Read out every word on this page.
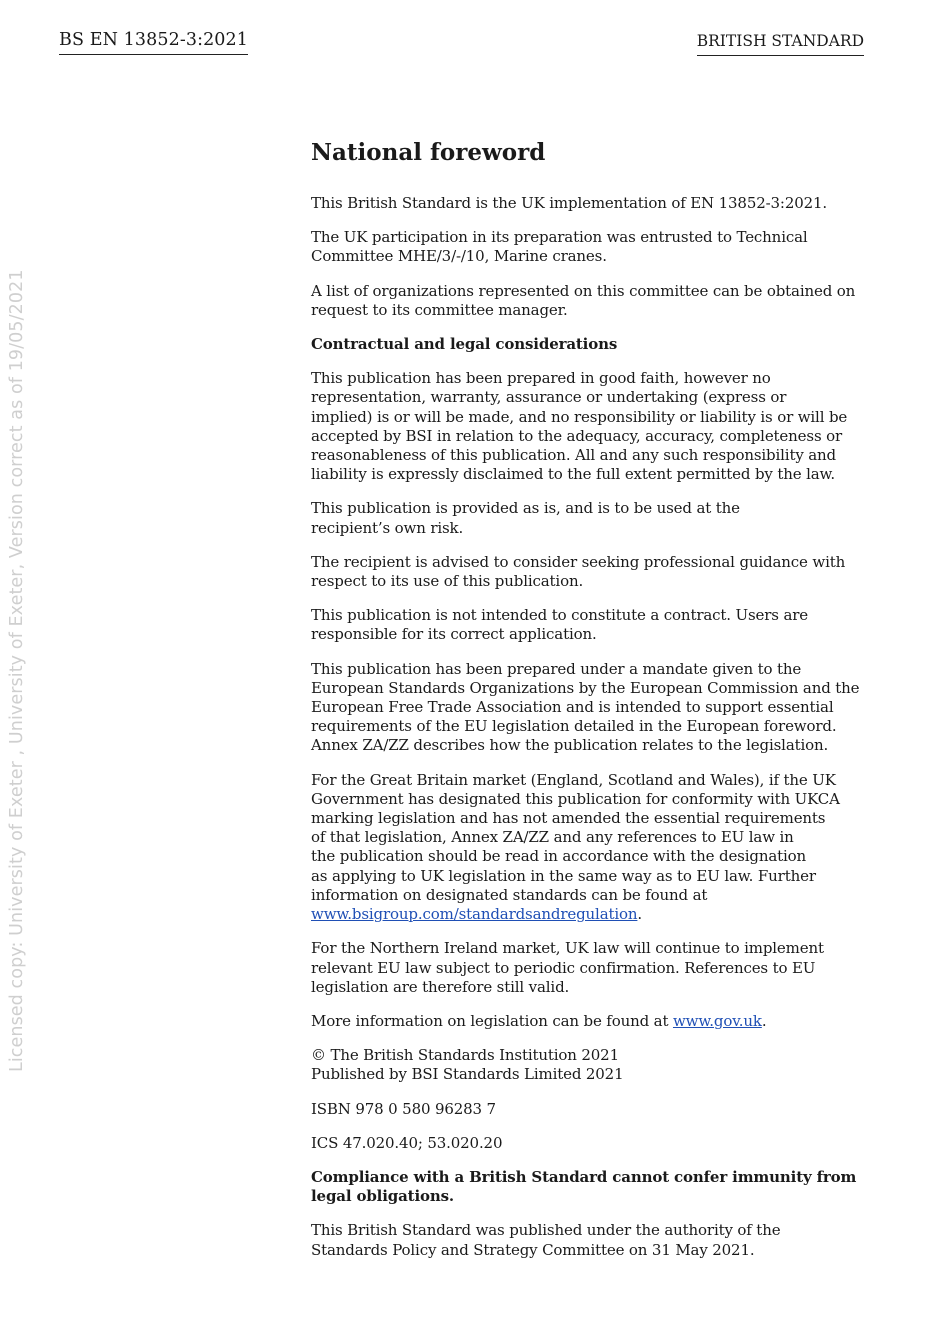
BS EN 13852-3:2021	BRITISH STANDARD
Licensed copy: University of Exeter , University of Exeter, Version correct as of 19/05/2021
National foreword
This British Standard is the UK implementation of EN 13852-3:2021.
The UK participation in its preparation was entrusted to Technical
Committee MHE/3/-/10, Marine cranes.
A list of organizations represented on this committee can be obtained on
request to its committee manager.
Contractual and legal considerations
This publication has been prepared in good faith, however no
representation, warranty, assurance or undertaking (express or
implied) is or will be made, and no responsibility or liability is or will be
accepted by BSI in relation to the adequacy, accuracy, completeness or
reasonableness of this publication. All and any such responsibility and
liability is expressly disclaimed to the full extent permitted by the law.
This publication is provided as is, and is to be used at the
recipient’s own risk.
The recipient is advised to consider seeking professional guidance with
respect to its use of this publication.
This publication is not intended to constitute a contract. Users are
responsible for its correct application.
This publication has been prepared under a mandate given to the
European Standards Organizations by the European Commission and the
European Free Trade Association and is intended to support essential
requirements of the EU legislation detailed in the European foreword.
Annex ZA/ZZ describes how the publication relates to the legislation.
For the Great Britain market (England, Scotland and Wales), if the UK
Government has designated this publication for conformity with UKCA
marking legislation and has not amended the essential requirements
of that legislation, Annex ZA/ZZ and any references to EU law in
the publication should be read in accordance with the designation
as applying to UK legislation in the same way as to EU law. Further
information on designated standards can be found at
www.bsigroup.com/standardsandregulation.
For the Northern Ireland market, UK law will continue to implement
relevant EU law subject to periodic confirmation. References to EU
legislation are therefore still valid.
More information on legislation can be found at www.gov.uk.
© The British Standards Institution 2021
Published by BSI Standards Limited 2021
ISBN 978 0 580 96283 7
ICS 47.020.40; 53.020.20
Compliance with a British Standard cannot confer immunity from
legal obligations.
This British Standard was published under the authority of the
Standards Policy and Strategy Committee on 31 May 2021.
